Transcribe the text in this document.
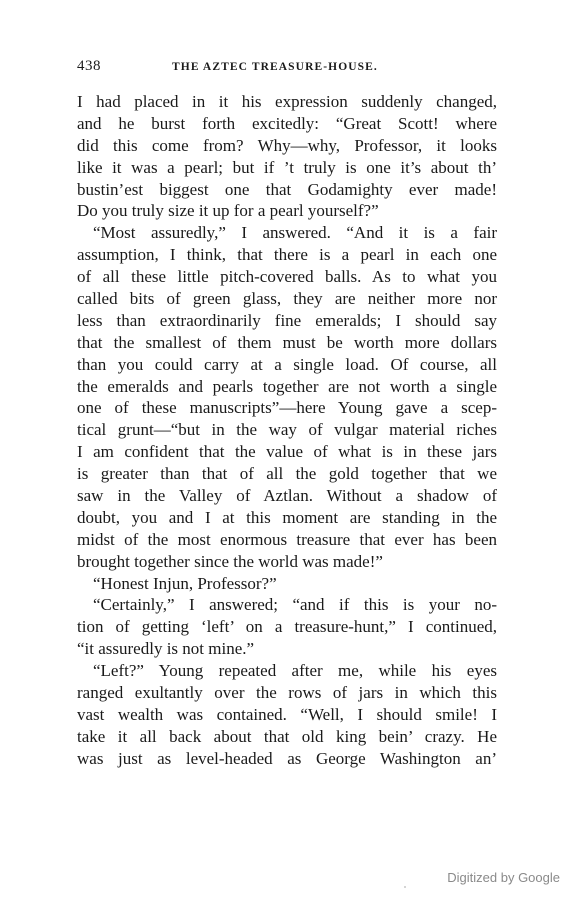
438	THE AZTEC TREASURE-HOUSE.
I had placed in it his expression suddenly changed,
and he burst forth excitedly: “Great Scott! where
did this come from? Why—why, Professor, it looks
like it was a pearl; but if ’t truly is one it’s about th’
bustin’est biggest one that Godamighty ever made!
Do you truly size it up for a pearl yourself?”
“Most assuredly,” I answered. “And it is a fair
assumption, I think, that there is a pearl in each one
of all these little pitch-covered balls. As to what you
called bits of green glass, they are neither more nor
less than extraordinarily fine emeralds; I should say
that the smallest of them must be worth more dollars
than you could carry at a single load. Of course, all
the emeralds and pearls together are not worth a single
one of these manuscripts”—here Young gave a scep-
tical grunt—“but in the way of vulgar material riches
I am confident that the value of what is in these jars
is greater than that of all the gold together that we
saw in the Valley of Aztlan. Without a shadow of
doubt, you and I at this moment are standing in the
midst of the most enormous treasure that ever has been
brought together since the world was made!”
“Honest Injun, Professor?”
“Certainly,” I answered; “and if this is your no-
tion of getting ‘left’ on a treasure-hunt,” I continued,
“it assuredly is not mine.”
“Left?” Young repeated after me, while his eyes
ranged exultantly over the rows of jars in which this
vast wealth was contained. “Well, I should smile! I
take it all back about that old king bein’ crazy. He
was just as level-headed as George Washington an’
Digitized by Google
